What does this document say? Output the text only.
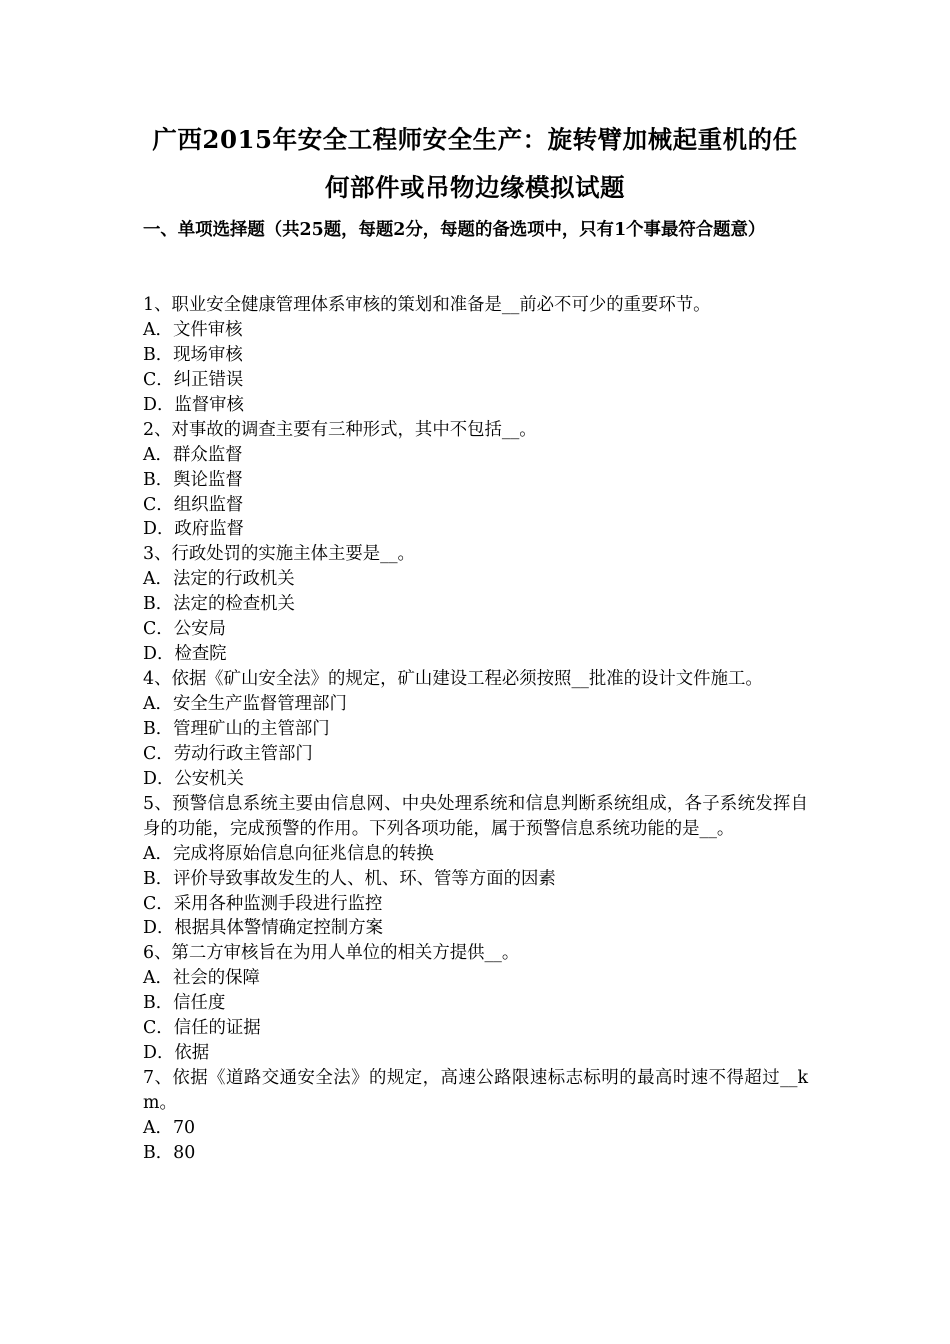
广西2015年安全工程师安全生产：旋转臂加械起重机的任
何部件或吊物边缘模拟试题
一、单项选择题（共25题，每题2分，每题的备选项中，只有1个事最符合题意）

1、职业安全健康管理体系审核的策划和准备是__前必不可少的重要环节。

A．文件审核

B．现场审核

C．纠正错误

D．监督审核

2、对事故的调查主要有三种形式，其中不包括__。

A．群众监督

B．舆论监督

C．组织监督

D．政府监督

3、行政处罚的实施主体主要是__。

A．法定的行政机关

B．法定的检查机关

C．公安局

D．检查院

4、依据《矿山安全法》的规定，矿山建设工程必须按照__批准的设计文件施工。

A．安全生产监督管理部门

B．管理矿山的主管部门

C．劳动行政主管部门

D．公安机关

5、预警信息系统主要由信息网、中央处理系统和信息判断系统组成，各子系统发挥自身的功能，完成预警的作用。下列各项功能，属于预警信息系统功能的是__。

A．完成将原始信息向征兆信息的转换

B．评价导致事故发生的人、机、环、管等方面的因素

C．采用各种监测手段进行监控

D．根据具体警情确定控制方案

6、第二方审核旨在为用人单位的相关方提供__。

A．社会的保障

B．信任度

C．信任的证据

D．依据

7、依据《道路交通安全法》的规定，高速公路限速标志标明的最高时速不得超过__km。

A．70

B．80
